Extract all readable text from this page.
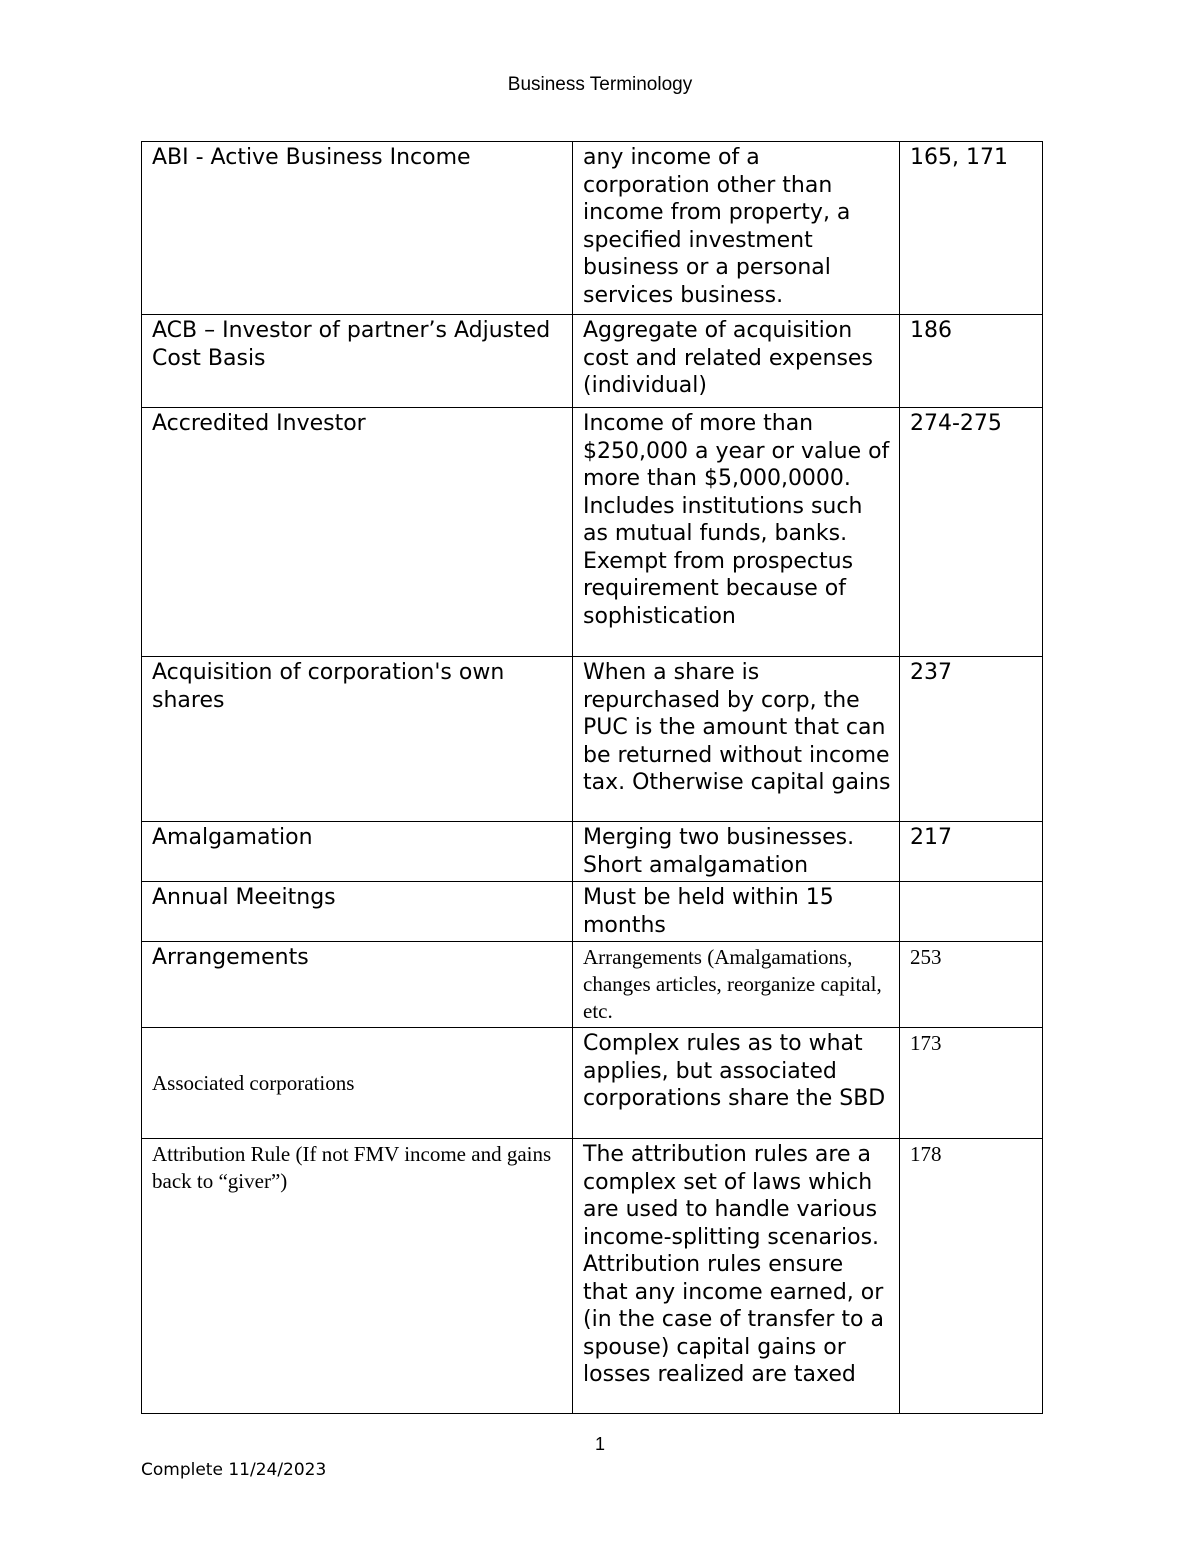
Business Terminology
ABI - Active Business Income	any income of a corporation other than income from property, a specified investment business or a personal services business.	165, 171
ACB – Investor of partner’s Adjusted Cost Basis	Aggregate of acquisition cost and related expenses (individual)	186
Accredited Investor	Income of more than $250,000 a year or value of more than $5,000,0000. Includes institutions such as mutual funds, banks. Exempt from prospectus requirement because of sophistication	274-275
Acquisition of corporation's own shares	When a share is repurchased by corp, the PUC is the amount that can be returned without income tax. Otherwise capital gains	237
Amalgamation	Merging two businesses. Short amalgamation	217
Annual Meeitngs	Must be held within 15 months	
Arrangements	Arrangements (Amalgamations, changes articles, reorganize capital, etc.	253
Associated corporations	Complex rules as to what applies, but associated corporations share the SBD	173
Attribution Rule (If not FMV income and gains back to “giver”)	The attribution rules are a complex set of laws which are used to handle various income-splitting scenarios. Attribution rules ensure that any income earned, or (in the case of transfer to a spouse) capital gains or losses realized are taxed	178
1
Complete 11/24/2023
